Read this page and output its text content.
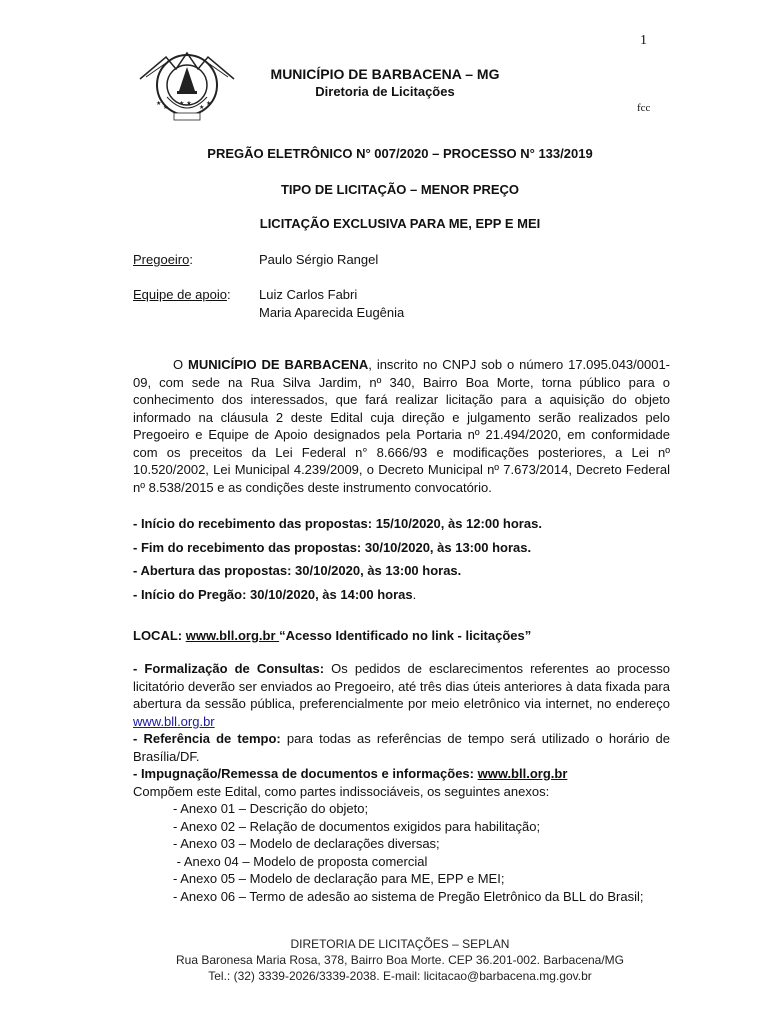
1
★
★
★
★
★ ★
MUNICÍPIO DE BARBACENA – MG
Diretoria de Licitações
fcc
PREGÃO ELETRÔNICO N° 007/2020 – PROCESSO N° 133/2019
TIPO DE LICITAÇÃO – MENOR PREÇO
LICITAÇÃO EXCLUSIVA PARA ME, EPP E MEI
Pregoeiro:	Paulo Sérgio Rangel
Equipe de apoio: Luiz Carlos Fabri
Maria Aparecida Eugênia

O MUNICÍPIO DE BARBACENA, inscrito no CNPJ sob o número 17.095.043/0001-09, com sede na Rua Silva Jardim, nº 340, Bairro Boa Morte, torna público para o conhecimento dos interessados, que fará realizar licitação para a aquisição do objeto informado na cláusula 2 deste Edital cuja direção e julgamento serão realizados pelo Pregoeiro e Equipe de Apoio designados pela Portaria nº 21.494/2020, em conformidade com os preceitos da Lei Federal n° 8.666/93 e modificações posteriores, a Lei nº 10.520/2002, Lei Municipal 4.239/2009, o Decreto Municipal nº 7.673/2014, Decreto Federal nº 8.538/2015 e as condições deste instrumento convocatório.

- Início do recebimento das propostas: 15/10/2020, às 12:00 horas.
- Fim do recebimento das propostas: 30/10/2020, às 13:00 horas.
- Abertura das propostas: 30/10/2020, às 13:00 horas.
- Início do Pregão: 30/10/2020, às 14:00 horas.
LOCAL: www.bll.org.br “Acesso Identificado no link - licitações”

- Formalização de Consultas: Os pedidos de esclarecimentos referentes ao processo licitatório deverão ser enviados ao Pregoeiro, até três dias úteis anteriores à data fixada para abertura da sessão pública, preferencialmente por meio eletrônico via internet, no endereço www.bll.org.br

- Referência de tempo: para todas as referências de tempo será utilizado o horário de Brasília/DF.

- Impugnação/Remessa de documentos e informações: www.bll.org.br

Compõem este Edital, como partes indissociáveis, os seguintes anexos:

- Anexo 01 – Descrição do objeto;
- Anexo 02 – Relação de documentos exigidos para habilitação;
- Anexo 03 – Modelo de declarações diversas;
- Anexo 04 – Modelo de proposta comercial
- Anexo 05 – Modelo de declaração para ME, EPP e MEI;
- Anexo 06 – Termo de adesão ao sistema de Pregão Eletrônico da BLL do Brasil;
DIRETORIA DE LICITAÇÕES – SEPLAN
Rua Baronesa Maria Rosa, 378, Bairro Boa Morte. CEP 36.201-002. Barbacena/MG
Tel.: (32) 3339-2026/3339-2038. E-mail: licitacao@barbacena.mg.gov.br
